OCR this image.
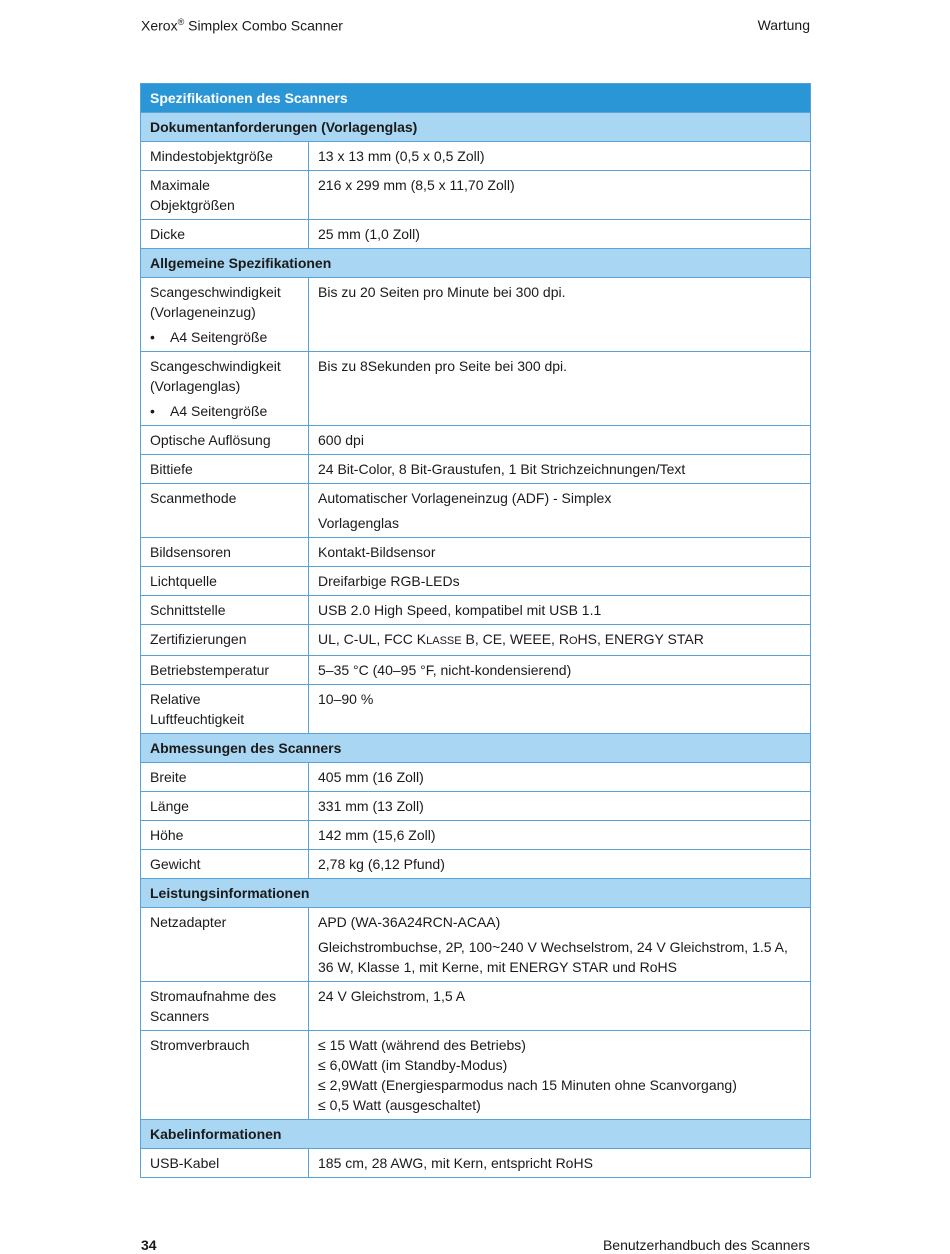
Xerox® Simplex Combo Scanner	Wartung
Spezifikationen des Scanners	
Dokumentanforderungen (Vorlagenglas)	
Mindestobjektgröße	13 x 13 mm (0,5 x 0,5 Zoll)

Maximale
Objektgrößen	216 x 299 mm (8,5 x 11,70 Zoll)
Dicke	25 mm (1,0 Zoll)
Allgemeine Spezifikationen	

Scangeschwindigkeit
(Vorlageneinzug)
• A4 Seitengröße	Bis zu 20 Seiten pro Minute bei 300 dpi.

Scangeschwindigkeit
(Vorlagenglas)
• A4 Seitengröße	Bis zu 8Sekunden pro Seite bei 300 dpi.
Optische Auflösung	600 dpi
Bittiefe	24 Bit-Color, 8 Bit-Graustufen, 1 Bit Strichzeichnungen/Text
Scanmethode	Automatischer Vorlageneinzug (ADF) - Simplex
Vorlagenglas

Bildsensoren	Kontakt-Bildsensor
Lichtquelle	Dreifarbige RGB-LEDs
Schnittstelle	USB 2.0 High Speed, kompatibel mit USB 1.1
Zertifizierungen	UL, C-UL, FCC KLASSE B, CE, WEEE, ROHS, ENERGY STAR
Betriebstemperatur	5–35 °C (40–95 °F, nicht-kondensierend)

Relative
Luftfeuchtigkeit	10–90 %
Abmessungen des Scanners	
Breite	405 mm (16 Zoll)
Länge	331 mm (13 Zoll)
Höhe	142 mm (15,6 Zoll)
Gewicht	2,78 kg (6,12 Pfund)
Leistungsinformationen	
Netzadapter	APD (WA-36A24RCN-ACAA)
Gleichstrombuchse, 2P, 100~240 V Wechselstrom, 24 V Gleichstrom, 1.5 A, 36 W, Klasse 1, mit Kerne, mit ENERGY STAR und RoHS

Stromaufnahme des
Scanners	24 V Gleichstrom, 1,5 A
Stromverbrauch	≤ 15 Watt (während des Betriebs)
≤ 6,0Watt (im Standby-Modus)
≤ 2,9Watt (Energiesparmodus nach 15 Minuten ohne Scanvorgang)
≤ 0,5 Watt (ausgeschaltet)

Kabelinformationen	
USB-Kabel	185 cm, 28 AWG, mit Kern, entspricht RoHS
34	Benutzerhandbuch des Scanners
